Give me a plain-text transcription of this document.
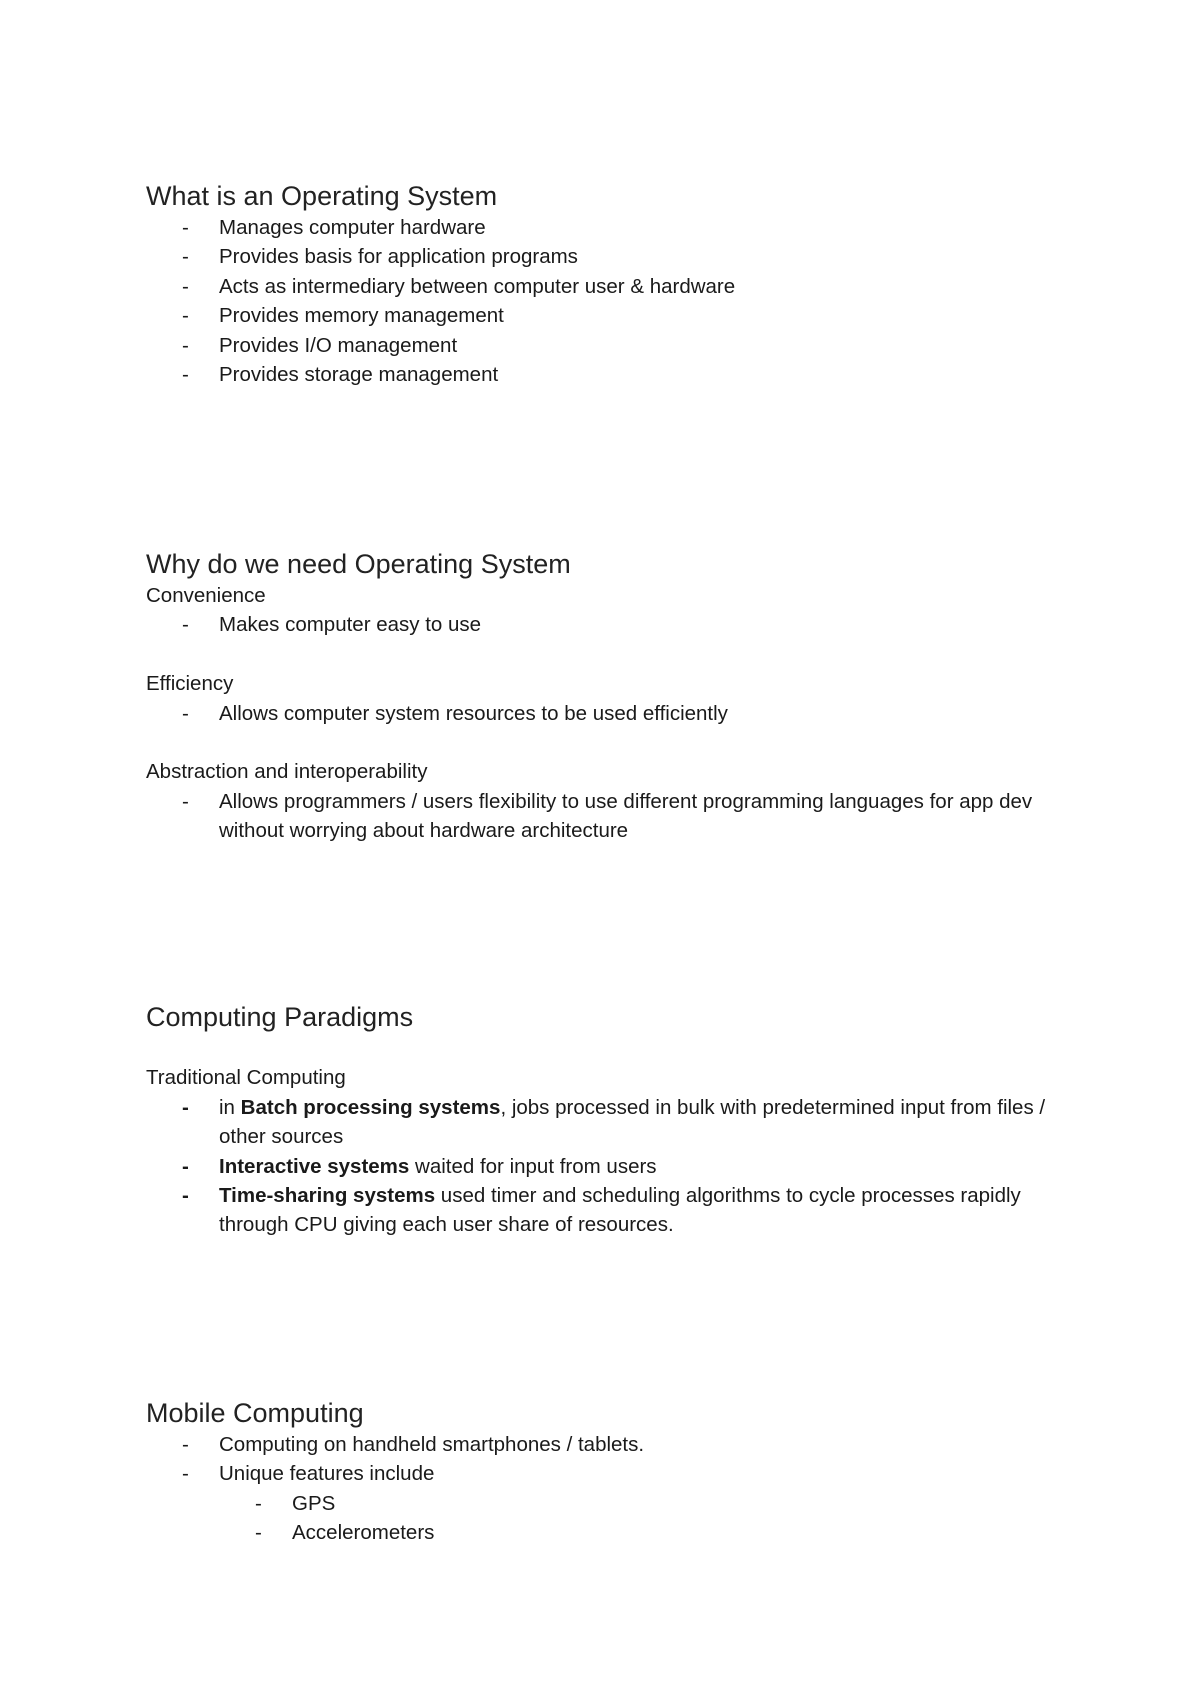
What is an Operating System
- Manages computer hardware
- Provides basis for application programs
- Acts as intermediary between computer user & hardware
- Provides memory management
- Provides I/O management
- Provides storage management
Why do we need Operating System

Convenience

- Makes computer easy to use

Efficiency

- Allows computer system resources to be used efficiently

Abstraction and interoperability

- Allows programmers / users flexibility to use different programming languages for app dev without worrying about hardware architecture
Computing Paradigms

Traditional Computing

- in Batch processing systems, jobs processed in bulk with predetermined input from files / other sources
- Interactive systems waited for input from users
- Time-sharing systems used timer and scheduling algorithms to cycle processes rapidly through CPU giving each user share of resources.
Mobile Computing
- Computing on handheld smartphones / tablets.
- Unique features include
- GPS
- Accelerometers
